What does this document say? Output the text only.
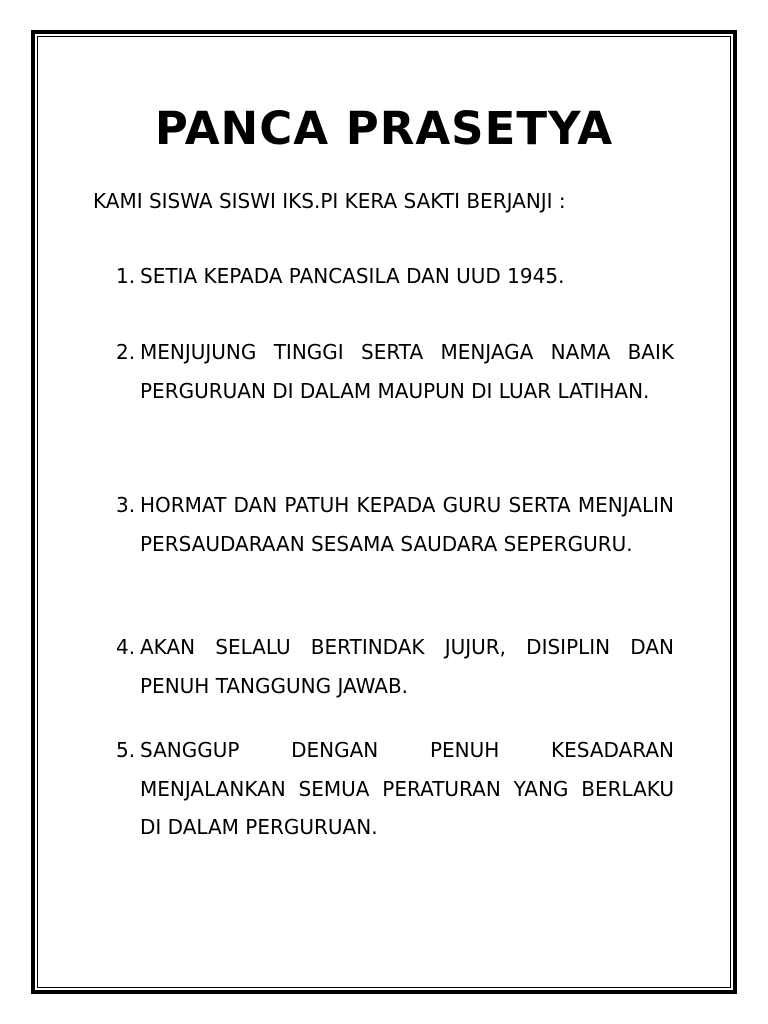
PANCA PRASETYA

KAMI SISWA SISWI IKS.PI KERA SAKTI BERJANJI :

1. SETIA KEPADA PANCASILA DAN UUD 1945.
2. MENJUJUNG TINGGI SERTA MENJAGA NAMA BAIK PERGURUAN DI DALAM MAUPUN DI LUAR LATIHAN.
3. HORMAT DAN PATUH KEPADA GURU SERTA MENJALIN PERSAUDARAAN SESAMA SAUDARA SEPERGURU.
4. AKAN SELALU BERTINDAK JUJUR, DISIPLIN DAN PENUH TANGGUNG JAWAB.
5. SANGGUP DENGAN PENUH KESADARAN MENJALANKAN SEMUA PERATURAN YANG BERLAKU DI DALAM PERGURUAN.
